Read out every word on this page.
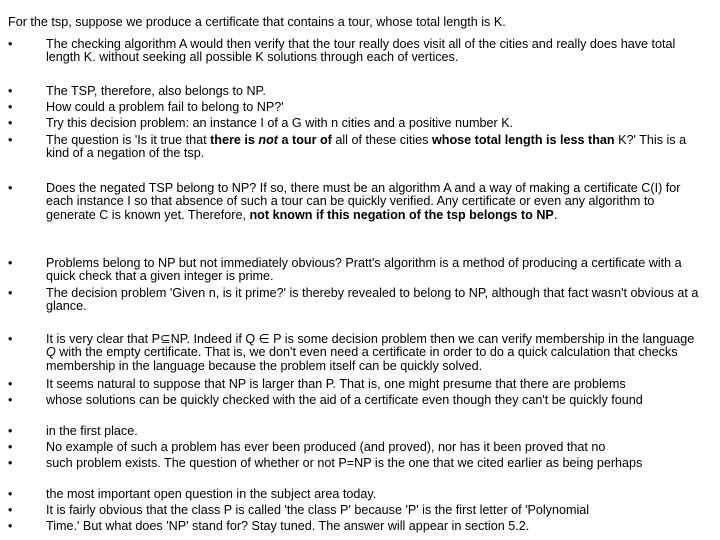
For the tsp, suppose we produce a certificate that contains a tour, whose total length is K.
•
The checking algorithm A would then verify that the tour really does visit all of the cities and really does have total length K. without seeking all possible K solutions through each of vertices.
•
The TSP, therefore, also belongs to NP.
•
How could a problem fail to belong to NP?'
•
Try this decision problem: an instance I of a G with n cities and a positive number K.
•
The question is 'Is it true that there is not a tour of all of these cities whose total length is less than K?' This is a kind of a negation of the tsp.
•
Does the negated TSP belong to NP? If so, there must be an algorithm A and a way of making a certificate C(I) for each instance I so that absence of such a tour can be quickly verified. Any certificate or even any algorithm to generate C is known yet. Therefore, not known if this negation of the tsp belongs to NP.
•
Problems belong to NP but not immediately obvious? Pratt's algorithm is a method of producing a certificate with a quick check that a given integer is prime.
•
The decision problem 'Given n, is it prime?' is thereby revealed to belong to NP, although that fact wasn't obvious at a glance.
•
It is very clear that P⊆NP. Indeed if Q ∈ P is some decision problem then we can verify membership in the language Q with the empty certificate. That is, we don't even need a certificate in order to do a quick calculation that checks membership in the language because the problem itself can be quickly solved.
•
It seems natural to suppose that NP is larger than P. That is, one might presume that there are problems
•
whose solutions can be quickly checked with the aid of a certificate even though they can't be quickly found
•
in the first place.
•
No example of such a problem has ever been produced (and proved), nor has it been proved that no
•
such problem exists. The question of whether or not P=NP is the one that we cited earlier as being perhaps
•
the most important open question in the subject area today.
•
It is fairly obvious that the class P is called 'the class P' because 'P' is the first letter of 'Polynomial
•
Time.' But what does 'NP' stand for? Stay tuned. The answer will appear in section 5.2.
